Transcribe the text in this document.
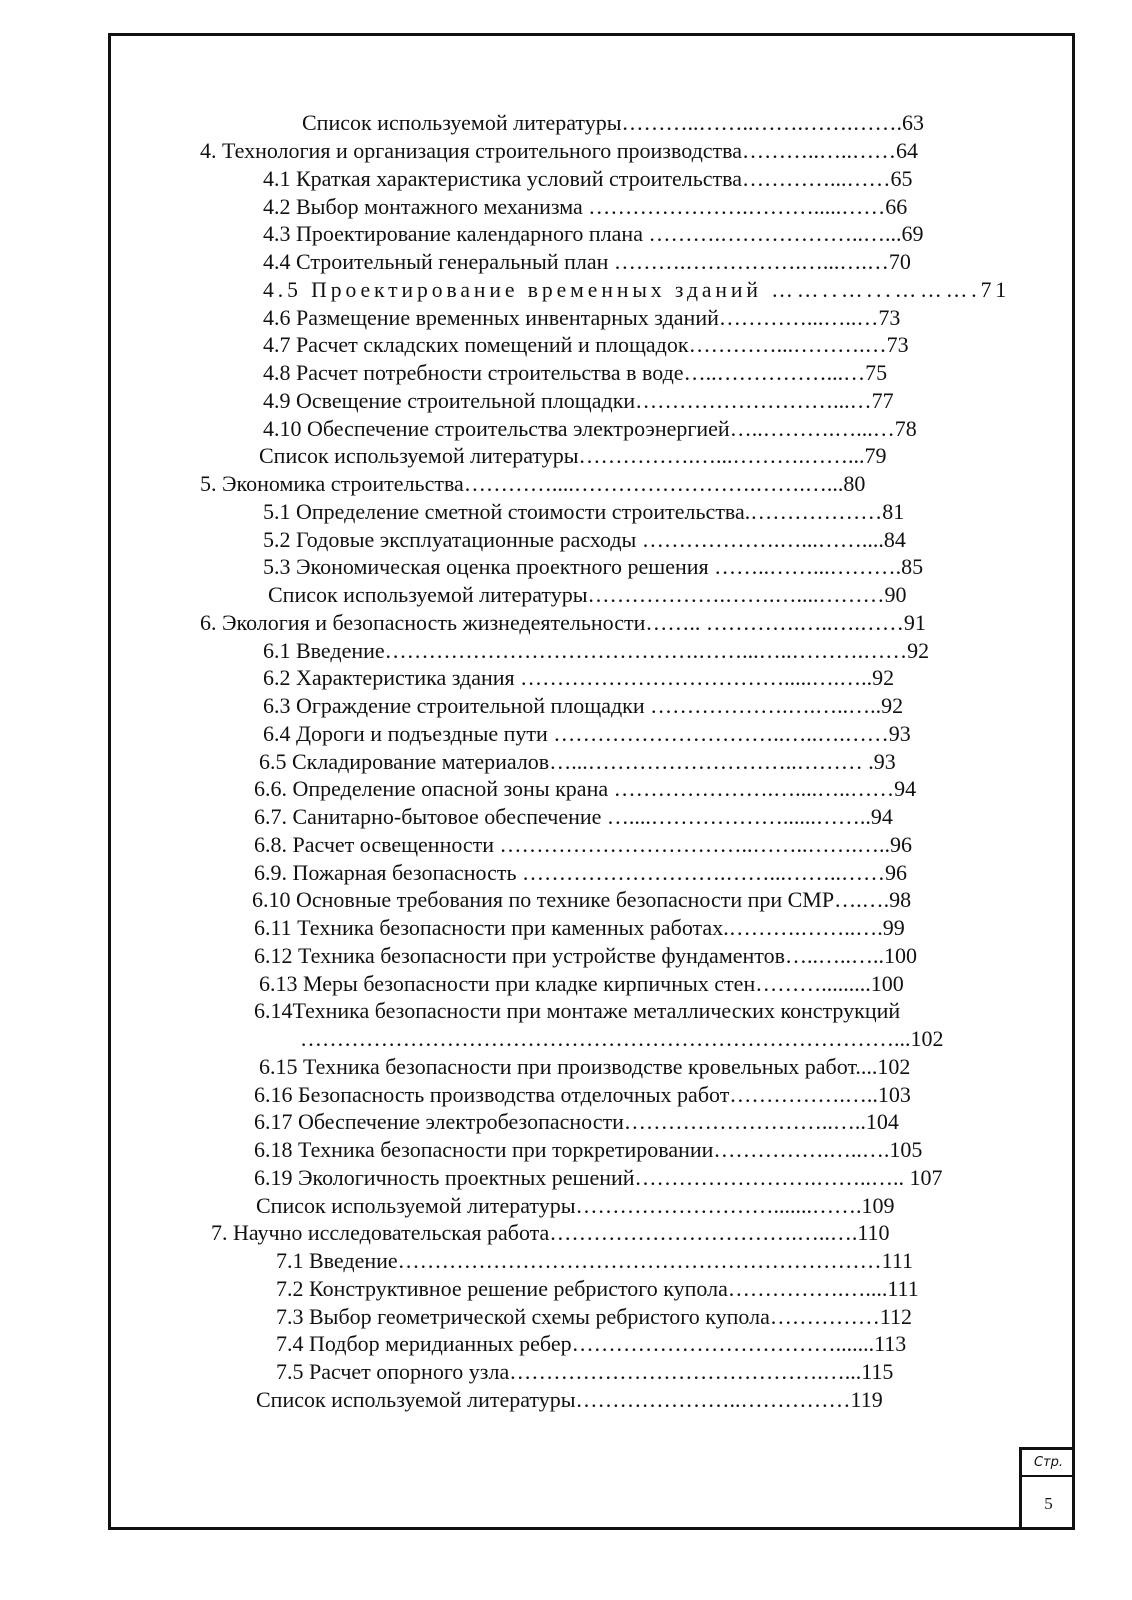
Список используемой литературы………..……..…….…….…….63
4. Технология и организация строительного производства………..…..……64
4.1 Краткая характеристика условий строительства…………...……65
4.2 Выбор монтажного механизма ………………….……….....……66
4.3 Проектирование календарного плана ……….………………..…...69
4.4 Строительный генеральный план ……….…………….…...….…70
4.5 Проектирование временных зданий ……..…...……….71
4.6 Размещение временных инвентарных зданий…………...…..…73
4.7 Расчет складских помещений и площадок…………...……….…73
4.8 Расчет потребности строительства в воде…..……………...…75
4.9 Освещение строительной площадки………………………...…77
4.10 Обеспечение строительства электроэнергией…..……….…...…78
Список используемой литературы…………….…...……….……...79
5. Экономика строительства…………....…………………….…….…...80
5.1 Определение сметной стоимости строительства.………………81
5.2 Годовые эксплуатационные расходы ……………….…...……....84
5.3 Экономическая оценка проектного решения ……..……...……….85
Список используемой литературы……………….…….…....………90
6. Экология и безопасность жизнедеятельности…….. ………….…..….……91
6.1 Введение…………………………………….……...…..……….……92
6.2 Характеристика здания ……………………………….....….…..92
6.3 Ограждение строительной площадки ……………….….…..…..92
6.4 Дороги и подъездные пути …………………………..…..….……93
6.5 Складирование материалов…...………………………..……… .93
6.6. Определение опасной зоны крана ………………….…....…..……94
6.7. Санитарно-бытовое обеспечение …....………………......……..94
6.8. Расчет освещенности ……………………………..……..…….…..96
6.9. Пожарная безопасность ……………………….……...……..……96
6.10 Основные требования по технике безопасности при СМР….….98
6.11 Техника безопасности при каменных работах.……….……..….99
6.12 Техника безопасности при устройстве фундаментов…..…..…..100
6.13 Меры безопасности при кладке кирпичных стен……….........100
6.14Техника безопасности при монтаже металлических конструкций
………………………………………………………………………...102
6.15 Техника безопасности при производстве кровельных работ....102
6.16 Безопасность производства отделочных работ…………….…..103
6.17 Обеспечение электробезопасности………………………..…..104
6.18 Техника безопасности при торкретировании…………….…..….105
6.19 Экологичность проектных решений…………………….……..….. 107
Список используемой литературы……………………….......…….109
7. Научно исследовательская работа…………………………….…..….110
7.1 Введение…………………………………………………………111
7.2 Конструктивное решение ребристого купола…………….…....111
7.3 Выбор геометрической схемы ребристого купола……………112
7.4 Подбор меридианных ребер……………………………….......113
7.5 Расчет опорного узла…………………………………….…...115
Список используемой литературы…………………..……………119
Стр.
5
